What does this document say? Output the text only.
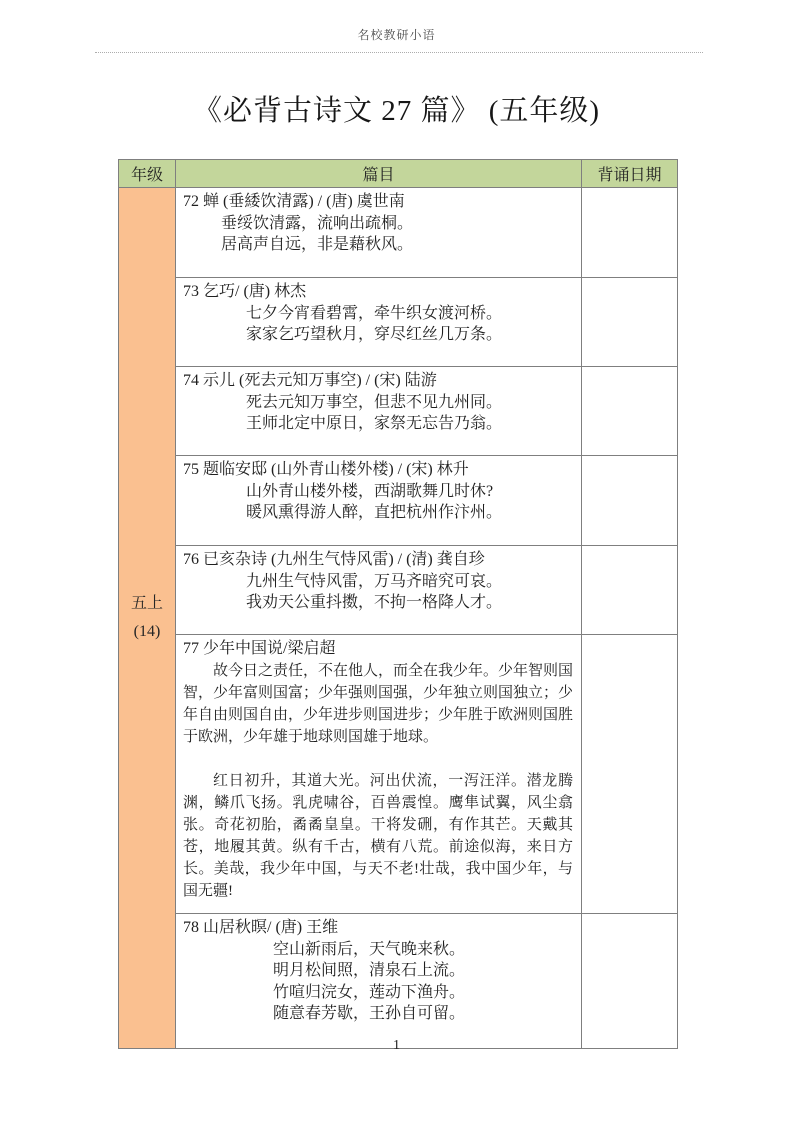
名校教研小语
《必背古诗文 27 篇》 (五年级)
年级	篇目	背诵日期

五上
(14)

72 蝉 (垂緌饮清露) / (唐) 虞世南
垂绥饮清露，流响出疏桐。
居高声自远，非是藉秋风。

	73 乞巧/ (唐) 林杰
七夕今宵看碧霄，牵牛织女渡河桥。
家家乞巧望秋月，穿尽红丝几万条。	

	74 示儿 (死去元知万事空) / (宋) 陆游
死去元知万事空，但悲不见九州同。
王师北定中原日，家祭无忘告乃翁。	

	75 题临安邸 (山外青山楼外楼) / (宋) 林升
山外青山楼外楼，西湖歌舞几时休?
暖风熏得游人醉，直把杭州作汴州。	

	76 已亥杂诗 (九州生气恃风雷) / (清) 龚自珍
九州生气恃风雷，万马齐暗究可哀。
我劝天公重抖擞，不拘一格降人才。	

	77 少年中国说/梁启超

故今日之责任，不在他人，而全在我少年。少年智则国智，少年富则国富；少年强则国强，少年独立则国独立；少年自由则国自由，少年进步则国进步；少年胜于欧洲则国胜于欧洲，少年雄于地球则国雄于地球。

红日初升，其道大光。河出伏流，一泻汪洋。潜龙腾渊，鳞爪飞扬。乳虎啸谷，百兽震惶。鹰隼试翼，风尘翕张。奇花初胎，矞矞皇皇。干将发硎，有作其芒。天戴其苍，地履其黄。纵有千古，横有八荒。前途似海，来日方长。美哉，我少年中国，与天不老!壮哉，我中国少年，与国无疆!	

	78 山居秋暝/ (唐) 王维
空山新雨后，天气晚来秋。
明月松间照，清泉石上流。
竹喧归浣女，莲动下渔舟。
随意春芳歇，王孙自可留。	

1
